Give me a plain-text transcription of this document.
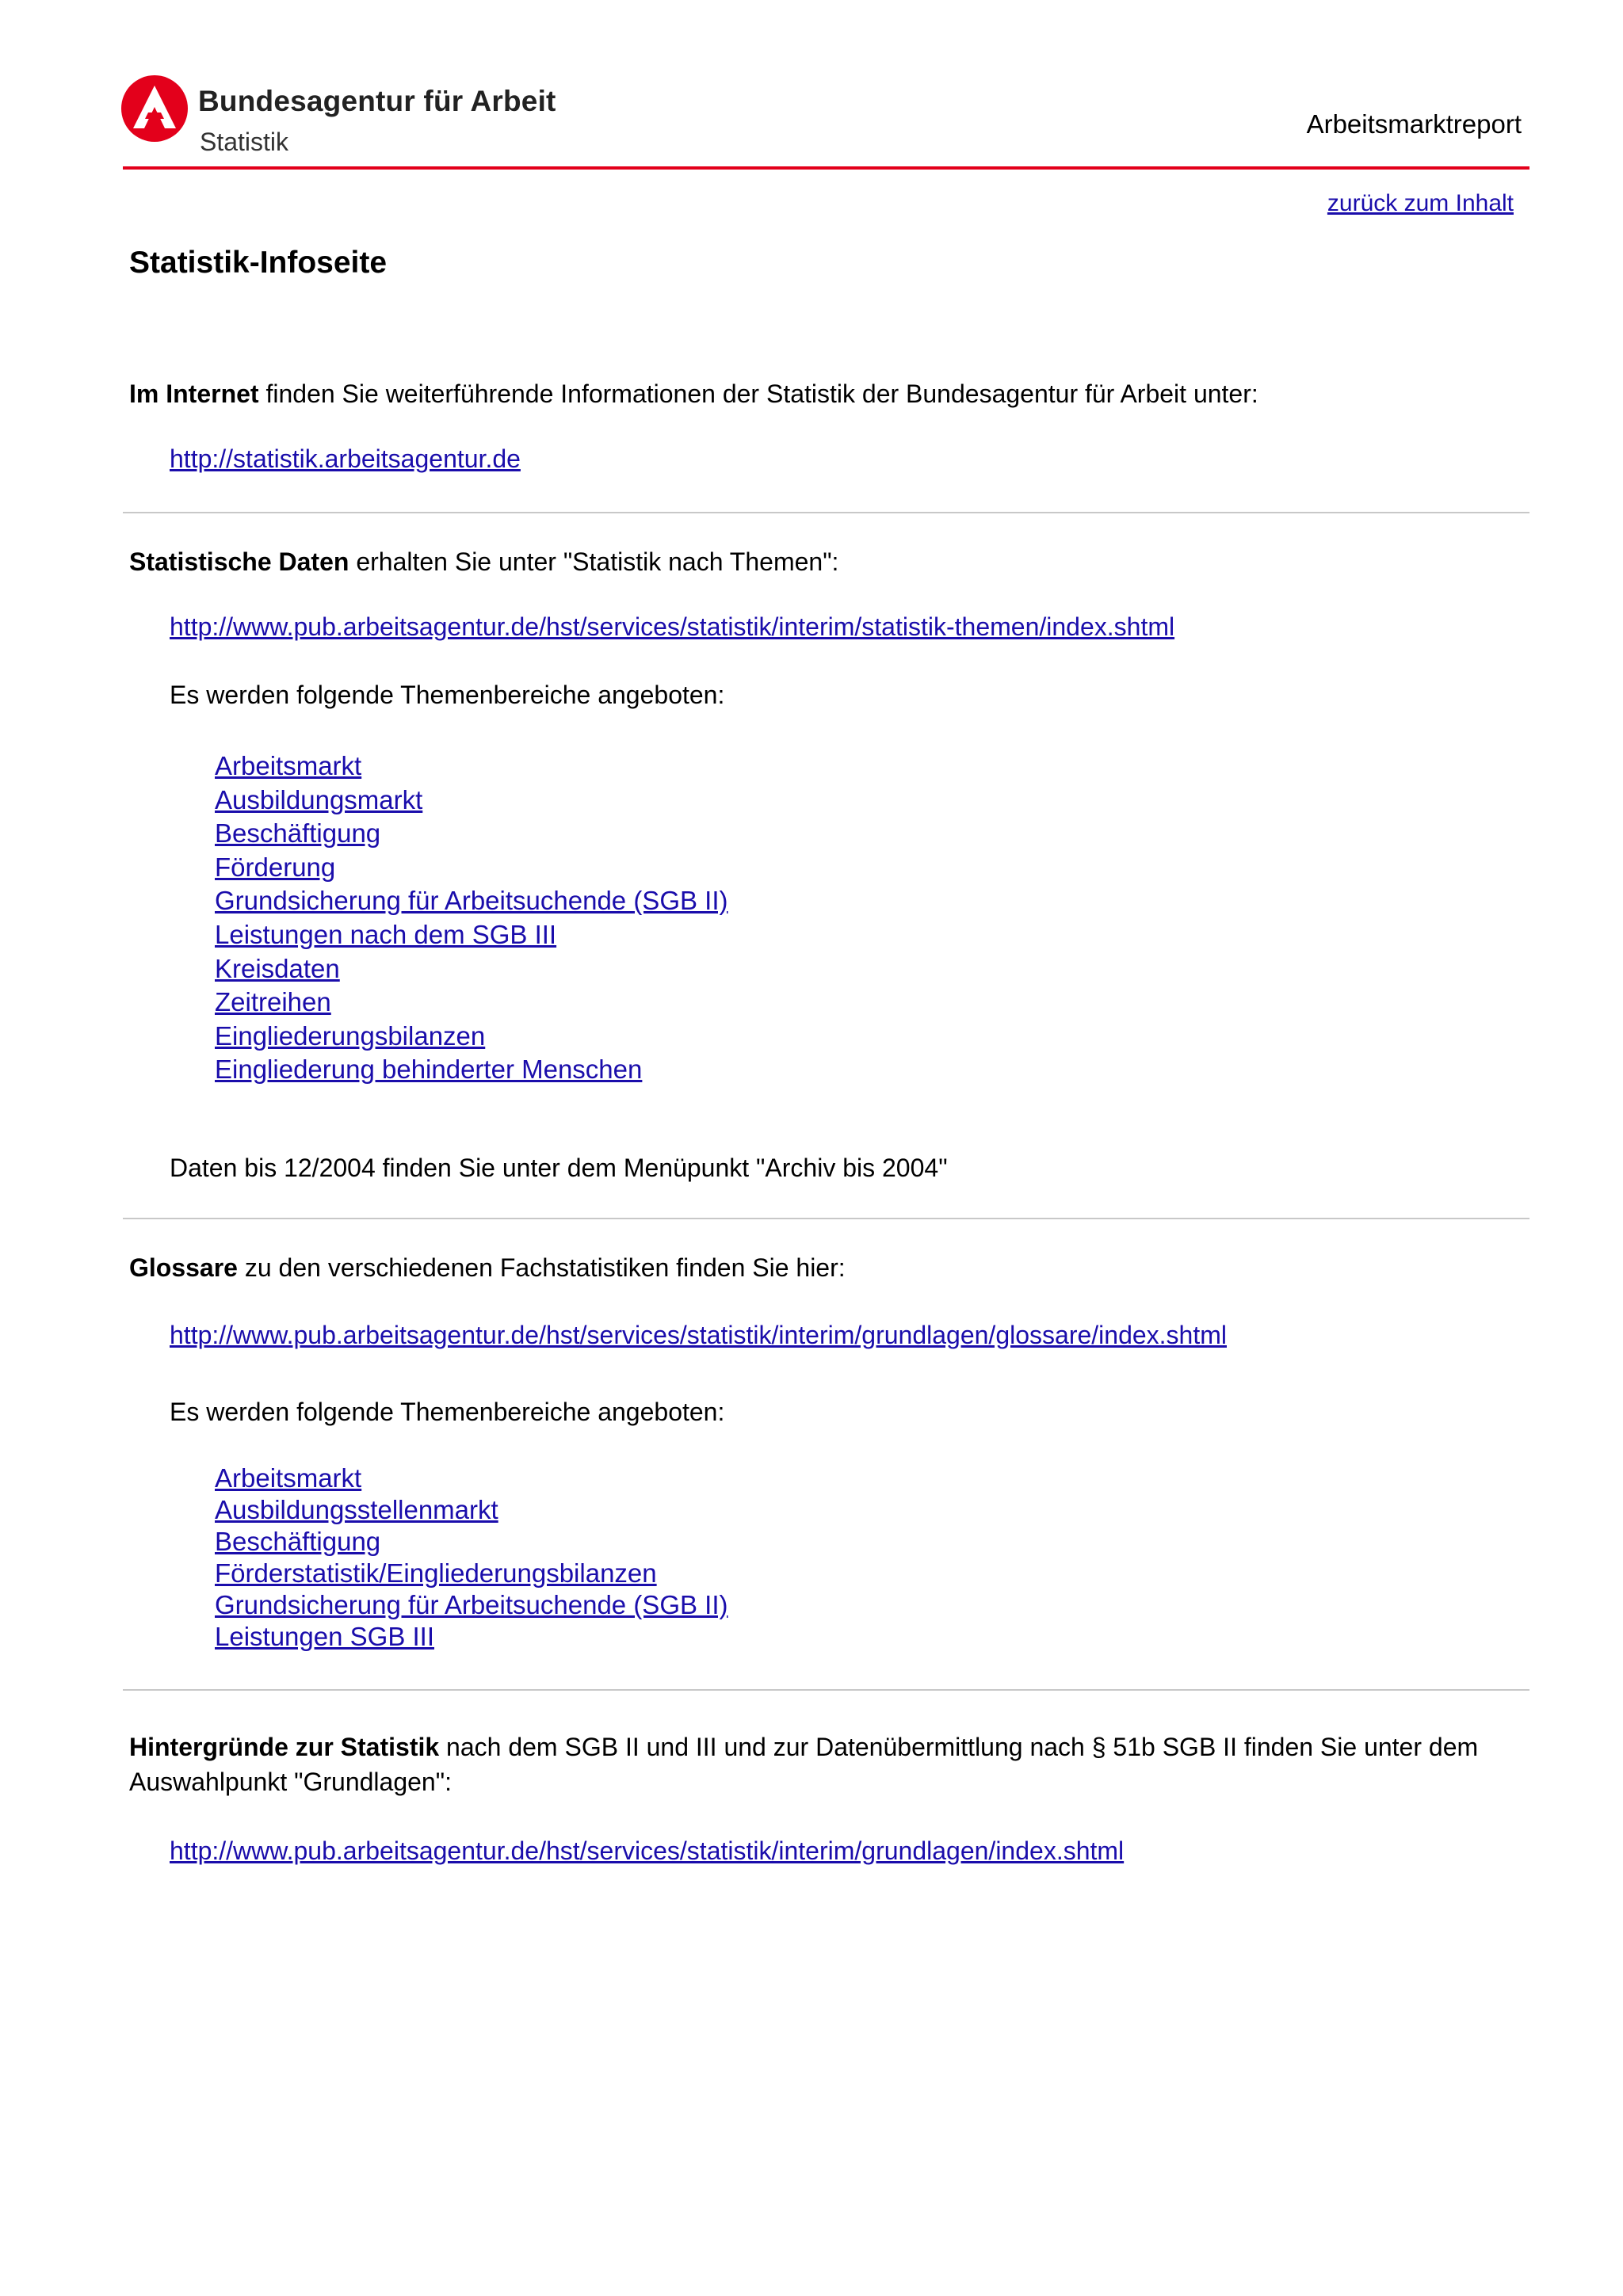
Bundesagentur für Arbeit
Statistik
Arbeitsmarktreport
zurück zum Inhalt
Statistik-Infoseite
Im Internet finden Sie weiterführende Informationen der Statistik der Bundesagentur für Arbeit unter:
http://statistik.arbeitsagentur.de
Statistische Daten erhalten Sie unter "Statistik nach Themen":
http://www.pub.arbeitsagentur.de/hst/services/statistik/interim/statistik-themen/index.shtml
Es werden folgende Themenbereiche angeboten:
Arbeitsmarkt
Ausbildungsmarkt
Beschäftigung
Förderung
Grundsicherung für Arbeitsuchende (SGB II)
Leistungen nach dem SGB III
Kreisdaten
Zeitreihen
Eingliederungsbilanzen
Eingliederung behinderter Menschen
Daten bis 12/2004 finden Sie unter dem Menüpunkt "Archiv bis 2004"
Glossare zu den verschiedenen Fachstatistiken finden Sie hier:
http://www.pub.arbeitsagentur.de/hst/services/statistik/interim/grundlagen/glossare/index.shtml
Es werden folgende Themenbereiche angeboten:
Arbeitsmarkt
Ausbildungsstellenmarkt
Beschäftigung
Förderstatistik/Eingliederungsbilanzen
Grundsicherung für Arbeitsuchende (SGB II)
Leistungen SGB III
Hintergründe zur Statistik nach dem SGB II und III und zur Datenübermittlung nach § 51b SGB II finden Sie unter dem Auswahlpunkt "Grundlagen":
http://www.pub.arbeitsagentur.de/hst/services/statistik/interim/grundlagen/index.shtml
